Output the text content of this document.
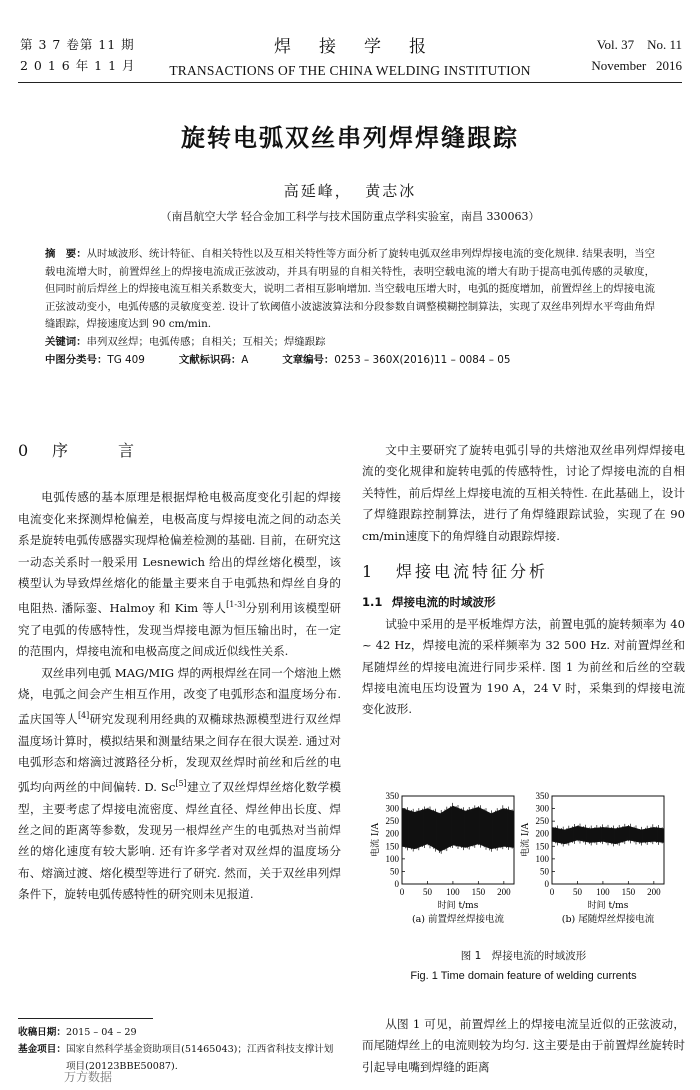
第 3 7 卷第 11 期
2 0 1 6 年 1 1 月
焊接学报
TRANSACTIONS OF THE CHINA WELDING INSTITUTION
Vol. 37    No. 11
November   2016
旋转电弧双丝串列焊焊缝跟踪
高延峰，  黄志冰
（南昌航空大学 轻合金加工科学与技术国防重点学科实验室，南昌 330063）
摘　要：从时域波形、统计特征、自相关特性以及互相关特性等方面分析了旋转电弧双丝串列焊焊接电流的变化规律. 结果表明，当空载电流增大时，前置焊丝上的焊接电流成正弦波动，并具有明显的自相关特性，表明空载电流的增大有助于提高电弧传感的灵敏度，但同时前后焊丝上的焊接电流互相关系数变大，说明二者相互影响增加. 当空载电压增大时，电弧的挺度增加，前置焊丝上的焊接电流正弦波动变小，电弧传感的灵敏度变差. 设计了软阈值小波滤波算法和分段参数自调整模糊控制算法，实现了双丝串列焊水平弯曲角焊缝跟踪，焊接速度达到 90 cm/min.
关键词：串列双丝焊；电弧传感；自相关；互相关；焊缝跟踪
中图分类号：TG 409	文献标识码：A	文章编号：0253 – 360X(2016)11 – 0084 – 05
0 序　　言

电弧传感的基本原理是根据焊枪电极高度变化引起的焊接电流变化来探测焊枪偏差，电极高度与焊接电流之间的动态关系是旋转电弧传感器实现焊枪偏差检测的基础. 目前，在研究这一动态关系时一般采用 Lesnewich 给出的焊丝熔化模型，该模型认为导致焊丝熔化的能量主要来自于电弧热和焊丝自身的电阻热. 潘际銮、Halmoy 和 Kim 等人[1-3]分别利用该模型研究了电弧的传感特性，发现当焊接电源为恒压输出时，在一定的范围内，焊接电流和电极高度之间成近似线性关系.

双丝串列电弧 MAG/MIG 焊的两根焊丝在同一个熔池上燃烧，电弧之间会产生相互作用，改变了电弧形态和温度场分布. 孟庆国等人[4]研究发现利用经典的双椭球热源模型进行双丝焊温度场计算时，模拟结果和测量结果之间存在很大误差. 通过对电弧形态和熔滴过渡路径分析，发现双丝焊时前丝和后丝的电弧均向两丝的中间偏转. D. Sc[5]建立了双丝焊焊丝熔化数学模型，主要考虑了焊接电流密度、焊丝直径、焊丝伸出长度、焊丝之间的距离等参数，发现另一根焊丝产生的电弧热对当前焊丝的熔化速度有较大影响. 还有许多学者对双丝焊的温度场分布、熔滴过渡、熔化模型等进行了研究. 然而，关于双丝串列焊条件下，旋转电弧传感特性的研究则未见报道.

文中主要研究了旋转电弧引导的共熔池双丝串列焊焊接电流的变化规律和旋转电弧的传感特性，讨论了焊接电流的自相关特性，前后焊丝上焊接电流的互相关特性. 在此基础上，设计了焊缝跟踪控制算法，进行了角焊缝跟踪试验，实现了在 90 cm/min速度下的角焊缝自动跟踪焊接.

1 焊接电流特征分析
1.1 焊接电流的时域波形

试验中采用的是平板堆焊方法，前置电弧的旋转频率为 40 ~ 42 Hz，焊接电流的采样频率为 32 500 Hz. 对前置焊丝和尾随焊丝的焊接电流进行同步采样. 图 1 为前丝和后丝的空载焊接电流电压均设置为 190 A，24 V 时，采集到的焊接电流变化波形.

0
50
100
150
200
250
300
350
0 50 100 150 200
时间 t/ms
电流 I/A
(a) 前置焊丝焊接电流
0
50
100
150
200
250
300
350
0 50 100 150 200
时间 t/ms
电流 I/A
(b) 尾随焊丝焊接电流
图 1　焊接电流的时域波形
Fig. 1 Time domain feature of welding currents

从图 1 可见，前置焊丝上的焊接电流呈近似的正弦波动，而尾随焊丝上的电流则较为均匀. 这主要是由于前置焊丝旋转时引起导电嘴到焊缝的距离

收稿日期：2015 – 04 – 29
基金项目： 国家自然科学基金资助项目(51465043)；江西省科技支撑计划项目(20123BBE50087).
万方数据
